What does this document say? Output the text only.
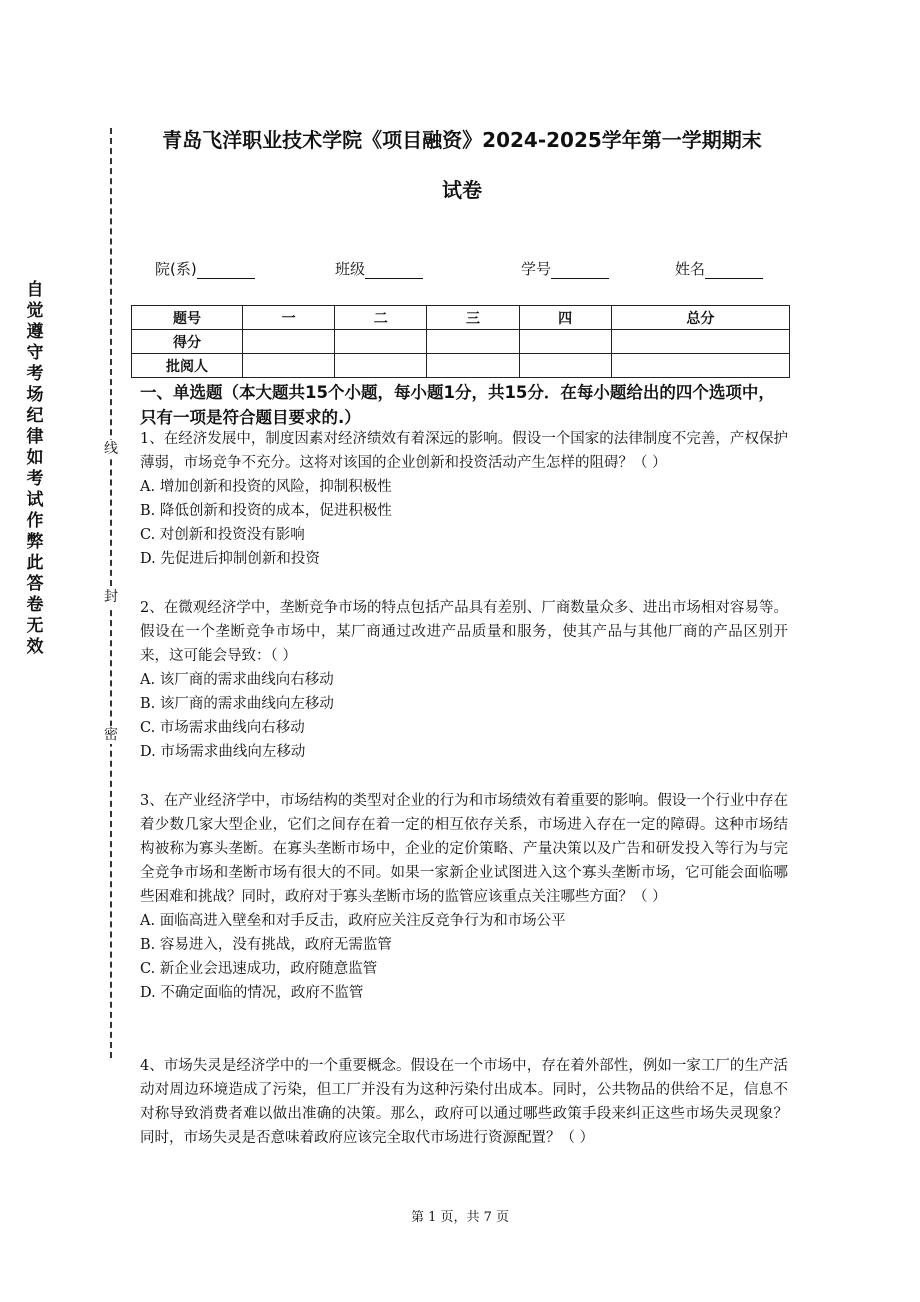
自觉遵守考场纪律如考试作弊此答卷无效
线
封
密
青岛飞洋职业技术学院《项目融资》2024-2025学年第一学期期末
试卷
院(系)	班级	学号	姓名
题号	一	二	三	四	总分
得分					
批阅人					
一、单选题（本大题共15个小题，每小题1分，共15分．在每小题给出的四个选项中，只有一项是符合题目要求的.）

1、在经济发展中，制度因素对经济绩效有着深远的影响。假设一个国家的法律制度不完善，产权保护薄弱，市场竞争不充分。这将对该国的企业创新和投资活动产生怎样的阻碍？（ ）

A. 增加创新和投资的风险，抑制积极性

B. 降低创新和投资的成本，促进积极性

C. 对创新和投资没有影响

D. 先促进后抑制创新和投资

2、在微观经济学中，垄断竞争市场的特点包括产品具有差别、厂商数量众多、进出市场相对容易等。假设在一个垄断竞争市场中，某厂商通过改进产品质量和服务，使其产品与其他厂商的产品区别开来，这可能会导致：（ ）

A. 该厂商的需求曲线向右移动

B. 该厂商的需求曲线向左移动

C. 市场需求曲线向右移动

D. 市场需求曲线向左移动

3、在产业经济学中，市场结构的类型对企业的行为和市场绩效有着重要的影响。假设一个行业中存在着少数几家大型企业，它们之间存在着一定的相互依存关系，市场进入存在一定的障碍。这种市场结构被称为寡头垄断。在寡头垄断市场中，企业的定价策略、产量决策以及广告和研发投入等行为与完全竞争市场和垄断市场有很大的不同。如果一家新企业试图进入这个寡头垄断市场，它可能会面临哪些困难和挑战？同时，政府对于寡头垄断市场的监管应该重点关注哪些方面？（ ）

A. 面临高进入壁垒和对手反击，政府应关注反竞争行为和市场公平

B. 容易进入，没有挑战，政府无需监管

C. 新企业会迅速成功，政府随意监管

D. 不确定面临的情况，政府不监管

4、市场失灵是经济学中的一个重要概念。假设在一个市场中，存在着外部性，例如一家工厂的生产活动对周边环境造成了污染，但工厂并没有为这种污染付出成本。同时，公共物品的供给不足，信息不对称导致消费者难以做出准确的决策。那么，政府可以通过哪些政策手段来纠正这些市场失灵现象？同时，市场失灵是否意味着政府应该完全取代市场进行资源配置？（ ）

第 1 页，共 7 页
